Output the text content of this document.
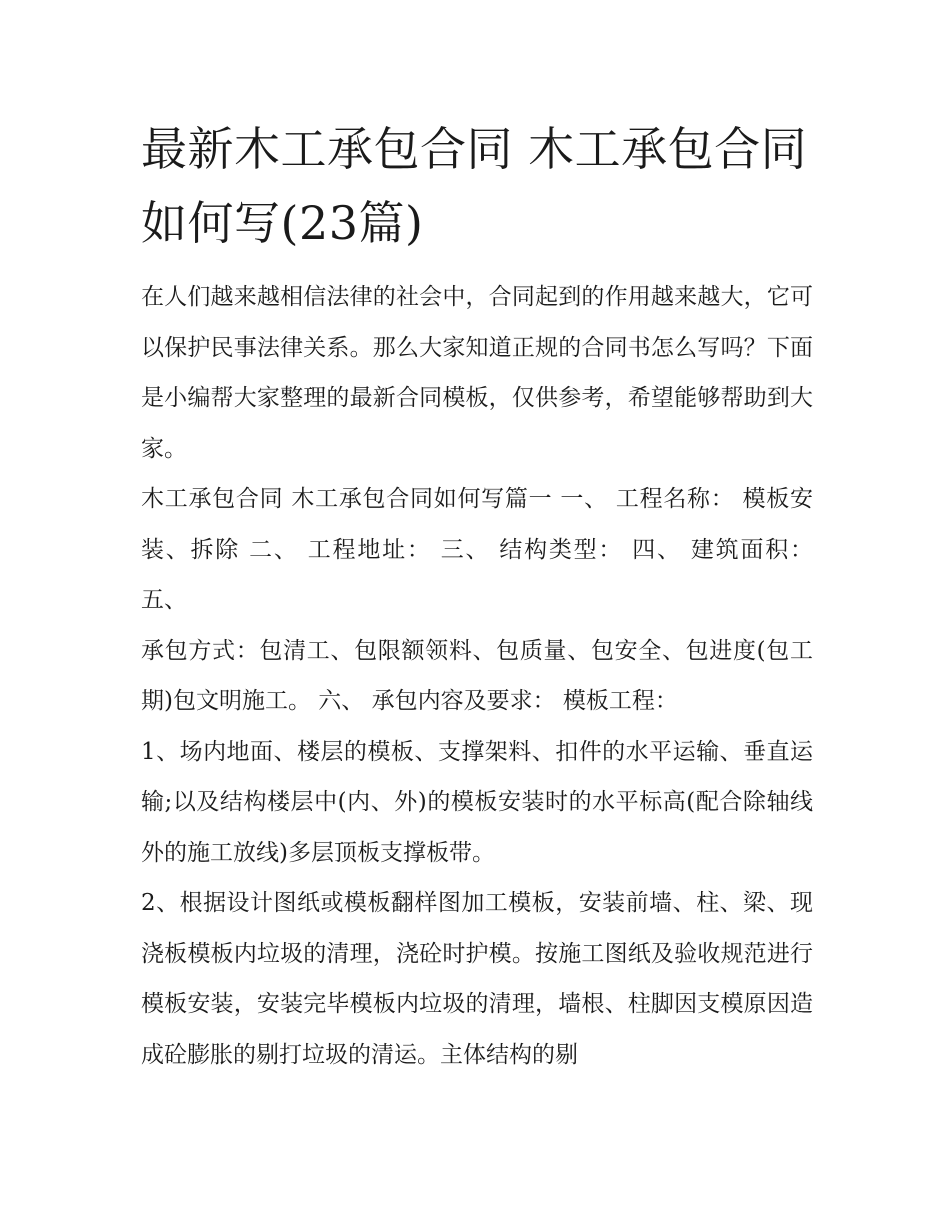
最新木工承包合同 木工承包合同如何写(23篇)

在人们越来越相信法律的社会中，合同起到的作用越来越大，它可以保护民事法律关系。那么大家知道正规的合同书怎么写吗？下面是小编帮大家整理的最新合同模板，仅供参考，希望能够帮助到大家。

木工承包合同 木工承包合同如何写篇一 一、 工程名称： 模板安装、拆除 二、 工程地址： 三、 结构类型： 四、 建筑面积： 五、

承包方式：包清工、包限额领料、包质量、包安全、包进度(包工期)包文明施工。 六、 承包内容及要求： 模板工程：

1、场内地面、楼层的模板、支撑架料、扣件的水平运输、垂直运输;以及结构楼层中(内、外)的模板安装时的水平标高(配合除轴线外的施工放线)多层顶板支撑板带。

2、根据设计图纸或模板翻样图加工模板，安装前墙、柱、梁、现浇板模板内垃圾的清理，浇砼时护模。按施工图纸及验收规范进行模板安装，安装完毕模板内垃圾的清理，墙根、柱脚因支模原因造成砼膨胀的剔打垃圾的清运。主体结构的剔
